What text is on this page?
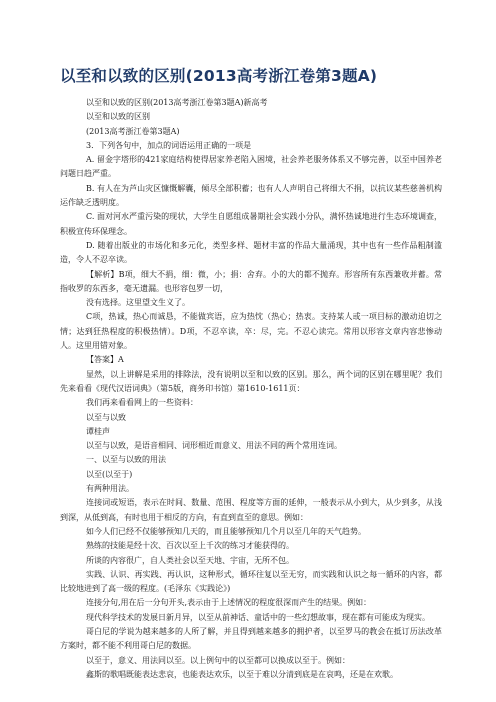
以至和以致的区别(2013高考浙江卷第3题A)

以至和以致的区别(2013高考浙江卷第3题A)新高考

以至和以致的区别

(2013高考浙江卷第3题A)

3．下列各句中，加点的词语运用正确的一项是

A. 留金字塔形的421家庭结构使得居家养老陷入困境，社会养老服务体系又不够完善，以至中国养老问题日趋严重。

B. 有人在为芦山灾区慷慨解囊，倾尽全部积蓄；也有人人声明自己将细大不捐，以抗议某些慈善机构运作缺乏透明度。

C. 面对河水严重污染的现状，大学生自愿组成暑期社会实践小分队，满怀热诚地进行生态环境调查，积极宣传环保理念。

D. 随着出版业的市场化和多元化，类型多样、题材丰富的作品大量涌现，其中也有一些作品粗制滥造，令人不忍卒读。

【解析】B项，细大不捐，细：微，小；捐：舍弃。小的大的都不抛弃。形容所有东西兼收并蓄。常指收罗的东西多，毫无遗漏。也形容包罗一切，

没有选择。这里望文生义了。

C项，热诚，热心而诚恳，不能做宾语，应为热忱（热心；热衷。支持某人或一项目标的激动迫切之情；达到狂热程度的积极热情）。D项，不忍卒读，卒：尽，完。不忍心读完。常用以形容文章内容悲惨动人。这里用错对象。

【答案】A

显然，以上讲解是采用的排除法，没有说明以至和以致的区别。那么，两个词的区别在哪里呢？我们先来看看《现代汉语词典》（第5版，商务印书馆）第1610-1611页：

我们再来看看网上的一些资料：

以至与以致

谭桂声

以至与以致，是语音相同、词形相近而意义、用法不同的两个常用连词。

一、以至与以致的用法

以至(以至于)

有两种用法。

连接词或短语，表示在时间、数量、范围、程度等方面的延伸，一般表示从小到大，从少到多，从浅到深，从低到高，有时也用于相反的方向，有直到直至的意思。例如：

如今人们已经不仅能够预知几天的，而且能够预知几个月以至几年的天气趋势。

熟练的技能是经十次、百次以至上千次的练习才能获得的。

所谈的内容很广，自人类社会以至天地、宇宙，无所不包。

实践、认识、再实践、再认识，这种形式，循环往复以至无穷，而实践和认识之每一循环的内容，都比较地进到了高一级的程度。(毛泽东《实践论》)

连接分句,用在后一分句开头,表示由于上述情况的程度很深而产生的结果。例如：

现代科学技术的发展日新月异，以至从前神话、童话中的一些幻想故事，现在都有可能成为现实。

哥白尼的学说为越来越多的人所了解，并且得到越来越多的拥护者，以至罗马的教会在抵订历法改革方案时，都不能不利用哥白尼的数据。

以至于，意义、用法同以至。以上例句中的以至都可以换成以至于。例如：

鑫斯的歌唱既能表达悲哀，也能表达欢乐，以至于难以分清到底是在哀鸣，还是在欢歌。
